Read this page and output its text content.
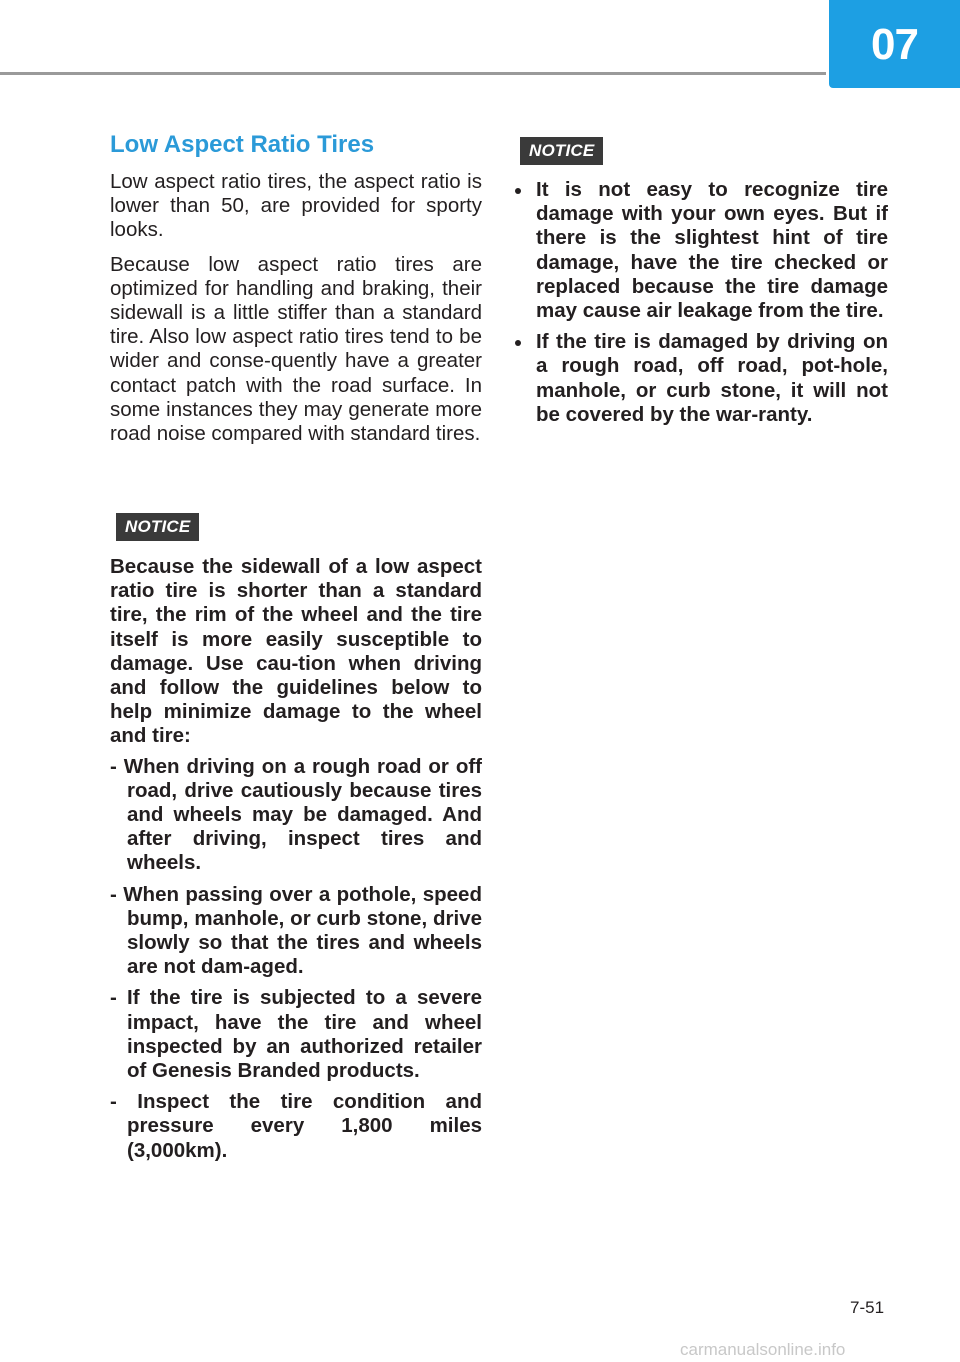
07
Low Aspect Ratio Tires

Low aspect ratio tires, the aspect ratio is lower than 50, are provided for sporty looks.

Because low aspect ratio tires are optimized for handling and braking, their sidewall is a little stiffer than a standard tire. Also low aspect ratio tires tend to be wider and conse-quently have a greater contact patch with the road surface. In some instances they may generate more road noise compared with standard tires.

NOTICE

Because the sidewall of a low aspect ratio tire is shorter than a standard tire, the rim of the wheel and the tire itself is more easily susceptible to damage. Use cau-tion when driving and follow the guidelines below to help minimize damage to the wheel and tire:

- When driving on a rough road or off road, drive cautiously because tires and wheels may be damaged. And after driving, inspect tires and wheels.
- When passing over a pothole, speed bump, manhole, or curb stone, drive slowly so that the tires and wheels are not dam-aged.
- If the tire is subjected to a severe impact, have the tire and wheel inspected by an authorized retailer of Genesis Branded products.
- Inspect the tire condition and pressure every 1,800 miles (3,000km).
NOTICE
It is not easy to recognize tire damage with your own eyes. But if there is the slightest hint of tire damage, have the tire checked or replaced because the tire damage may cause air leakage from the tire.
If the tire is damaged by driving on a rough road, off road, pot-hole, manhole, or curb stone, it will not be covered by the war-ranty.
7-51
carmanualsonline.info
